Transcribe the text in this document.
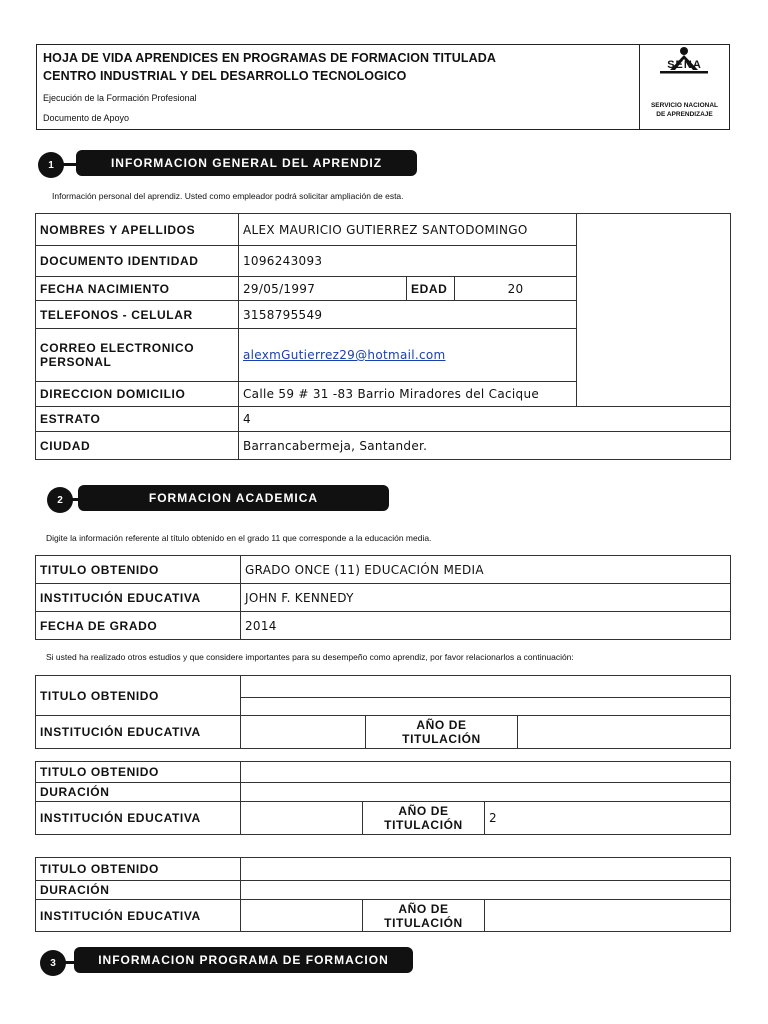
HOJA DE VIDA APRENDICES EN PROGRAMAS DE FORMACION TITULADA
CENTRO INDUSTRIAL Y DEL DESARROLLO TECNOLOGICO
Ejecución de la Formación Profesional
Documento de Apoyo
SENA
SERVICIO NACIONAL
DE APRENDIZAJE
1	INFORMACION GENERAL DEL APRENDIZ
Información personal del aprendiz. Usted como empleador podrá solicitar ampliación de esta.
NOMBRES Y APELLIDOS	ALEX MAURICIO GUTIERREZ SANTODOMINGO			
DOCUMENTO IDENTIDAD	1096243093			
FECHA NACIMIENTO	29/05/1997	EDAD	20	
TELEFONOS - CELULAR	3158795549			
CORREO ELECTRONICO
PERSONAL	alexmGutierrez29@hotmail.com			
DIRECCION DOMICILIO	Calle 59 # 31 -83 Barrio Miradores del Cacique			
ESTRATO	4			
CIUDAD	Barrancabermeja, Santander.			
2	FORMACION ACADEMICA
Digite la información referente al título obtenido en el grado 11 que corresponde a la educación media.
TITULO OBTENIDO	GRADO ONCE (11) EDUCACIÓN MEDIA
INSTITUCIÓN EDUCATIVA	JOHN F. KENNEDY
FECHA DE GRADO	2014
Si usted ha realizado otros estudios y que considere importantes para su desempeño como aprendiz, por favor relacionarlos a continuación:
TITULO OBTENIDO			

INSTITUCIÓN EDUCATIVA		AÑO DE
TITULACIÓN	
TITULO OBTENIDO			
DURACIÓN			
INSTITUCIÓN EDUCATIVA		AÑO DE
TITULACIÓN	2
TITULO OBTENIDO			
DURACIÓN			
INSTITUCIÓN EDUCATIVA		AÑO DE
TITULACIÓN	
3	INFORMACION PROGRAMA DE FORMACION
